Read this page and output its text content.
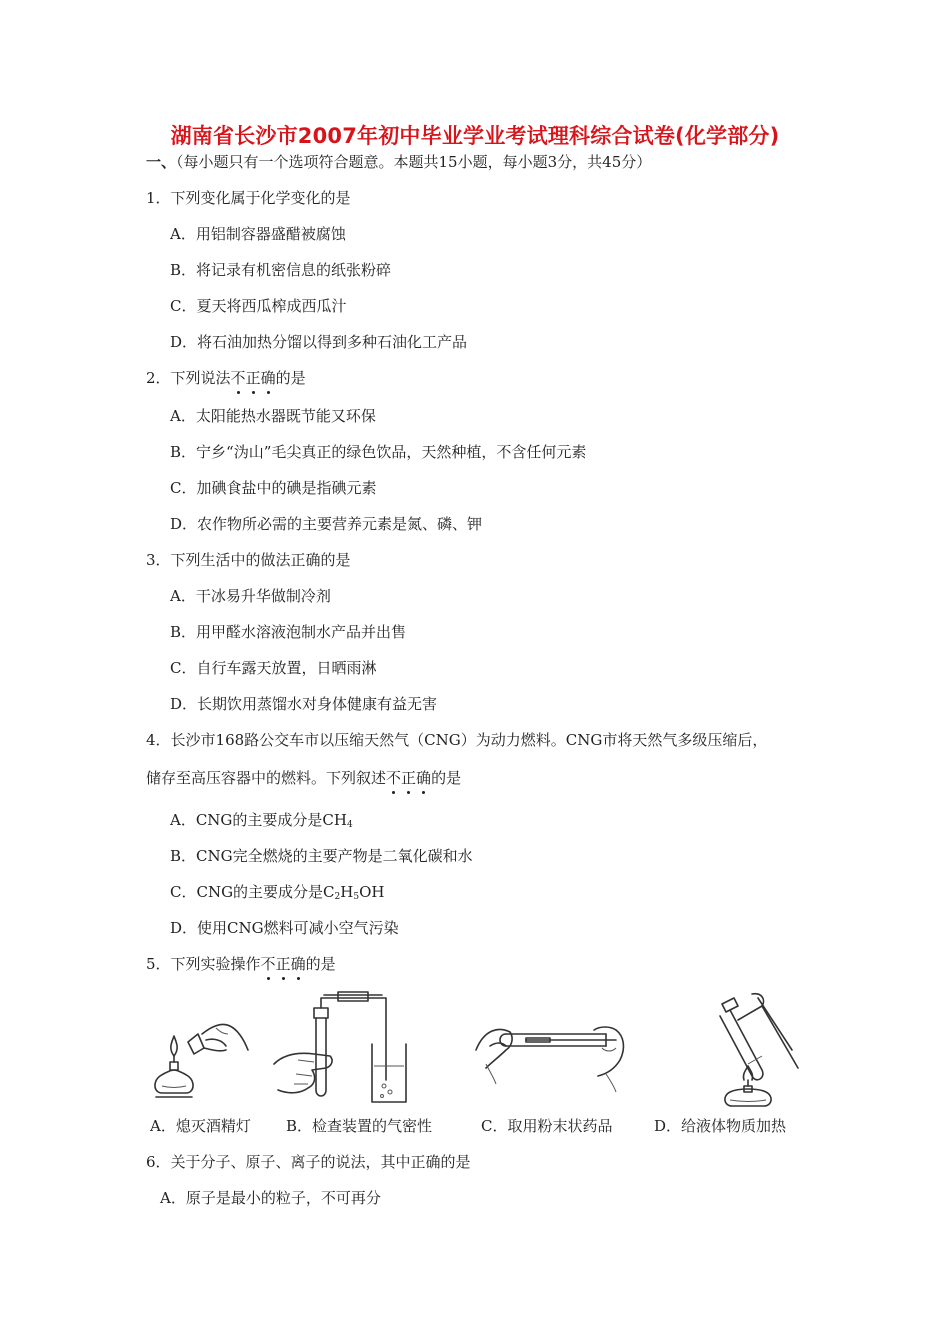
湖南省长沙市2007年初中毕业学业考试理科综合试卷(化学部分)
一、（每小题只有一个选项符合题意。本题共15小题，每小题3分，共45分）
1．下列变化属于化学变化的是
A．用铝制容器盛醋被腐蚀
B．将记录有机密信息的纸张粉碎
C．夏天将西瓜榨成西瓜汁
D．将石油加热分馏以得到多种石油化工产品
2．下列说法不正确的是
A．太阳能热水器既节能又环保
B．宁乡“沩山”毛尖真正的绿色饮品，天然种植，不含任何元素
C．加碘食盐中的碘是指碘元素
D．农作物所必需的主要营养元素是氮、磷、钾
3．下列生活中的做法正确的是
A．干冰易升华做制冷剂
B．用甲醛水溶液泡制水产品并出售
C．自行车露天放置，日晒雨淋
D．长期饮用蒸馏水对身体健康有益无害
4．长沙市168路公交车市以压缩天然气（CNG）为动力燃料。CNG市将天然气多级压缩后，
储存至高压容器中的燃料。下列叙述不正确的是
A．CNG的主要成分是$CH_4$
B．CNG完全燃烧的主要产物是二氧化碳和水
C．CNG的主要成分是$C_2H_5OH$
D．使用CNG燃料可减小空气污染
5．下列实验操作不正确的是
A．熄灭酒精灯 B．检查装置的气密性	C．取用粉末状药品	D．给液体物质加热
6．关于分子、原子、离子的说法，其中正确的是
A．原子是最小的粒子，不可再分
